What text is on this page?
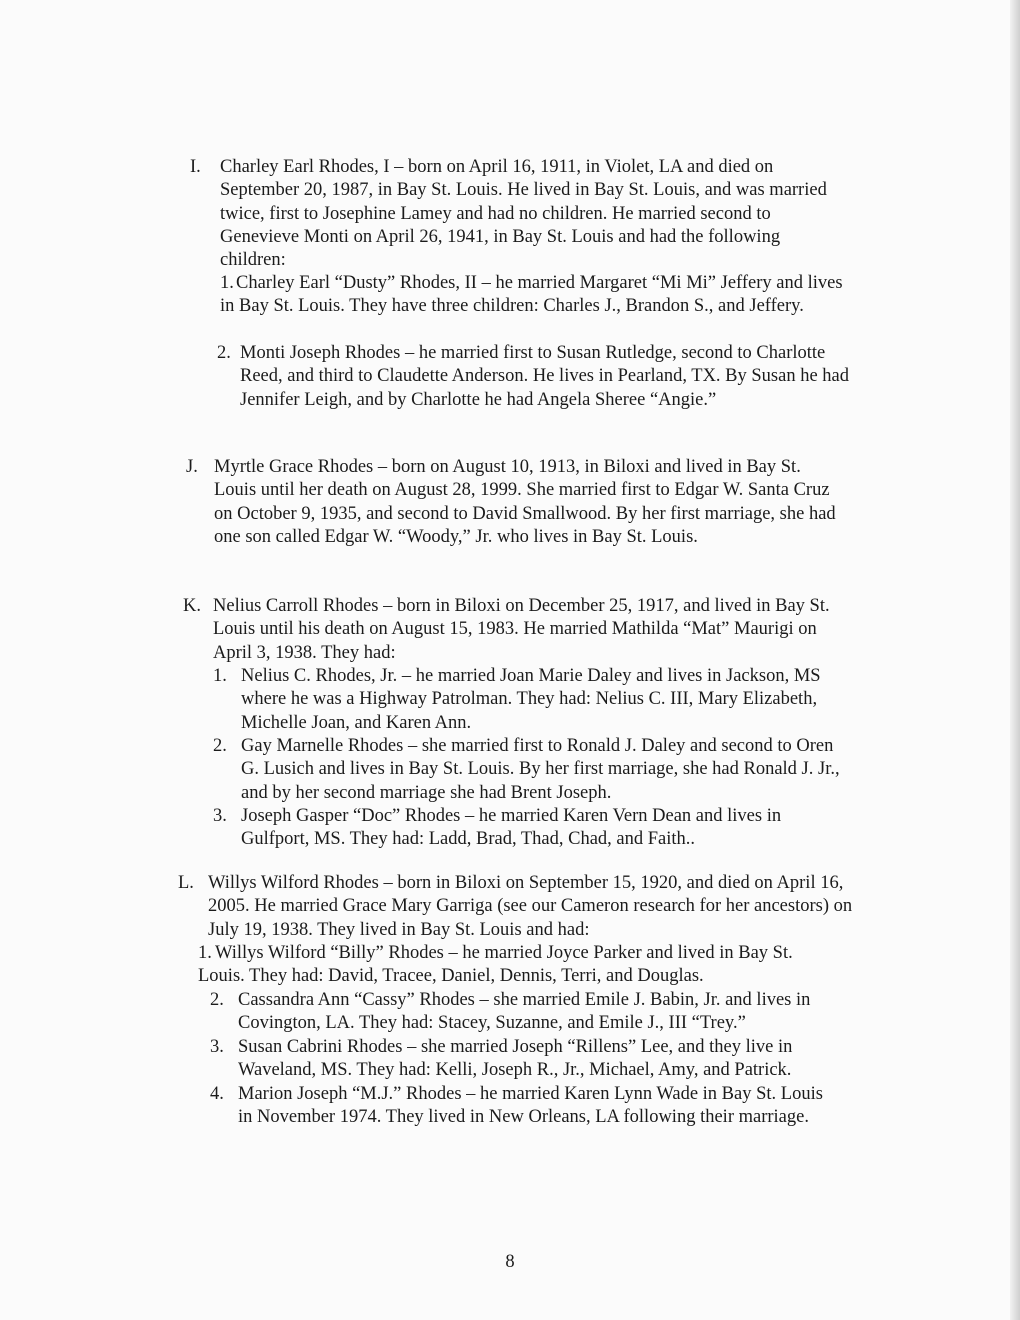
I. Charley Earl Rhodes, I – born on April 16, 1911, in Violet, LA and died on September 20, 1987, in Bay St. Louis. He lived in Bay St. Louis, and was married twice, first to Josephine Lamey and had no children. He married second to Genevieve Monti on April 26, 1941, in Bay St. Louis and had the following children:
1. Charley Earl “Dusty” Rhodes, II – he married Margaret “Mi Mi” Jeffery and lives in Bay St. Louis. They have three children: Charles J., Brandon S., and Jeffery.
2. Monti Joseph Rhodes – he married first to Susan Rutledge, second to Charlotte Reed, and third to Claudette Anderson. He lives in Pearland, TX. By Susan he had Jennifer Leigh, and by Charlotte he had Angela Sheree “Angie.”
J. Myrtle Grace Rhodes – born on August 10, 1913, in Biloxi and lived in Bay St. Louis until her death on August 28, 1999. She married first to Edgar W. Santa Cruz on October 9, 1935, and second to David Smallwood. By her first marriage, she had one son called Edgar W. “Woody,” Jr. who lives in Bay St. Louis.
K. Nelius Carroll Rhodes – born in Biloxi on December 25, 1917, and lived in Bay St. Louis until his death on August 15, 1983. He married Mathilda “Mat” Maurigi on April 3, 1938. They had:
1. Nelius C. Rhodes, Jr. – he married Joan Marie Daley and lives in Jackson, MS where he was a Highway Patrolman. They had: Nelius C. III, Mary Elizabeth, Michelle Joan, and Karen Ann.
2. Gay Marnelle Rhodes – she married first to Ronald J. Daley and second to Oren G. Lusich and lives in Bay St. Louis. By her first marriage, she had Ronald J. Jr., and by her second marriage she had Brent Joseph.
3. Joseph Gasper “Doc” Rhodes – he married Karen Vern Dean and lives in Gulfport, MS. They had: Ladd, Brad, Thad, Chad, and Faith..
L. Willys Wilford Rhodes – born in Biloxi on September 15, 1920, and died on April 16, 2005. He married Grace Mary Garriga (see our Cameron research for her ancestors) on July 19, 1938. They lived in Bay St. Louis and had:
1. Willys Wilford “Billy” Rhodes – he married Joyce Parker and lived in Bay St. Louis. They had: David, Tracee, Daniel, Dennis, Terri, and Douglas.
2. Cassandra Ann “Cassy” Rhodes – she married Emile J. Babin, Jr. and lives in Covington, LA. They had: Stacey, Suzanne, and Emile J., III “Trey.”
3. Susan Cabrini Rhodes – she married Joseph “Rillens” Lee, and they live in Waveland, MS. They had: Kelli, Joseph R., Jr., Michael, Amy, and Patrick.
4. Marion Joseph “M.J.” Rhodes – he married Karen Lynn Wade in Bay St. Louis in November 1974. They lived in New Orleans, LA following their marriage.
8
